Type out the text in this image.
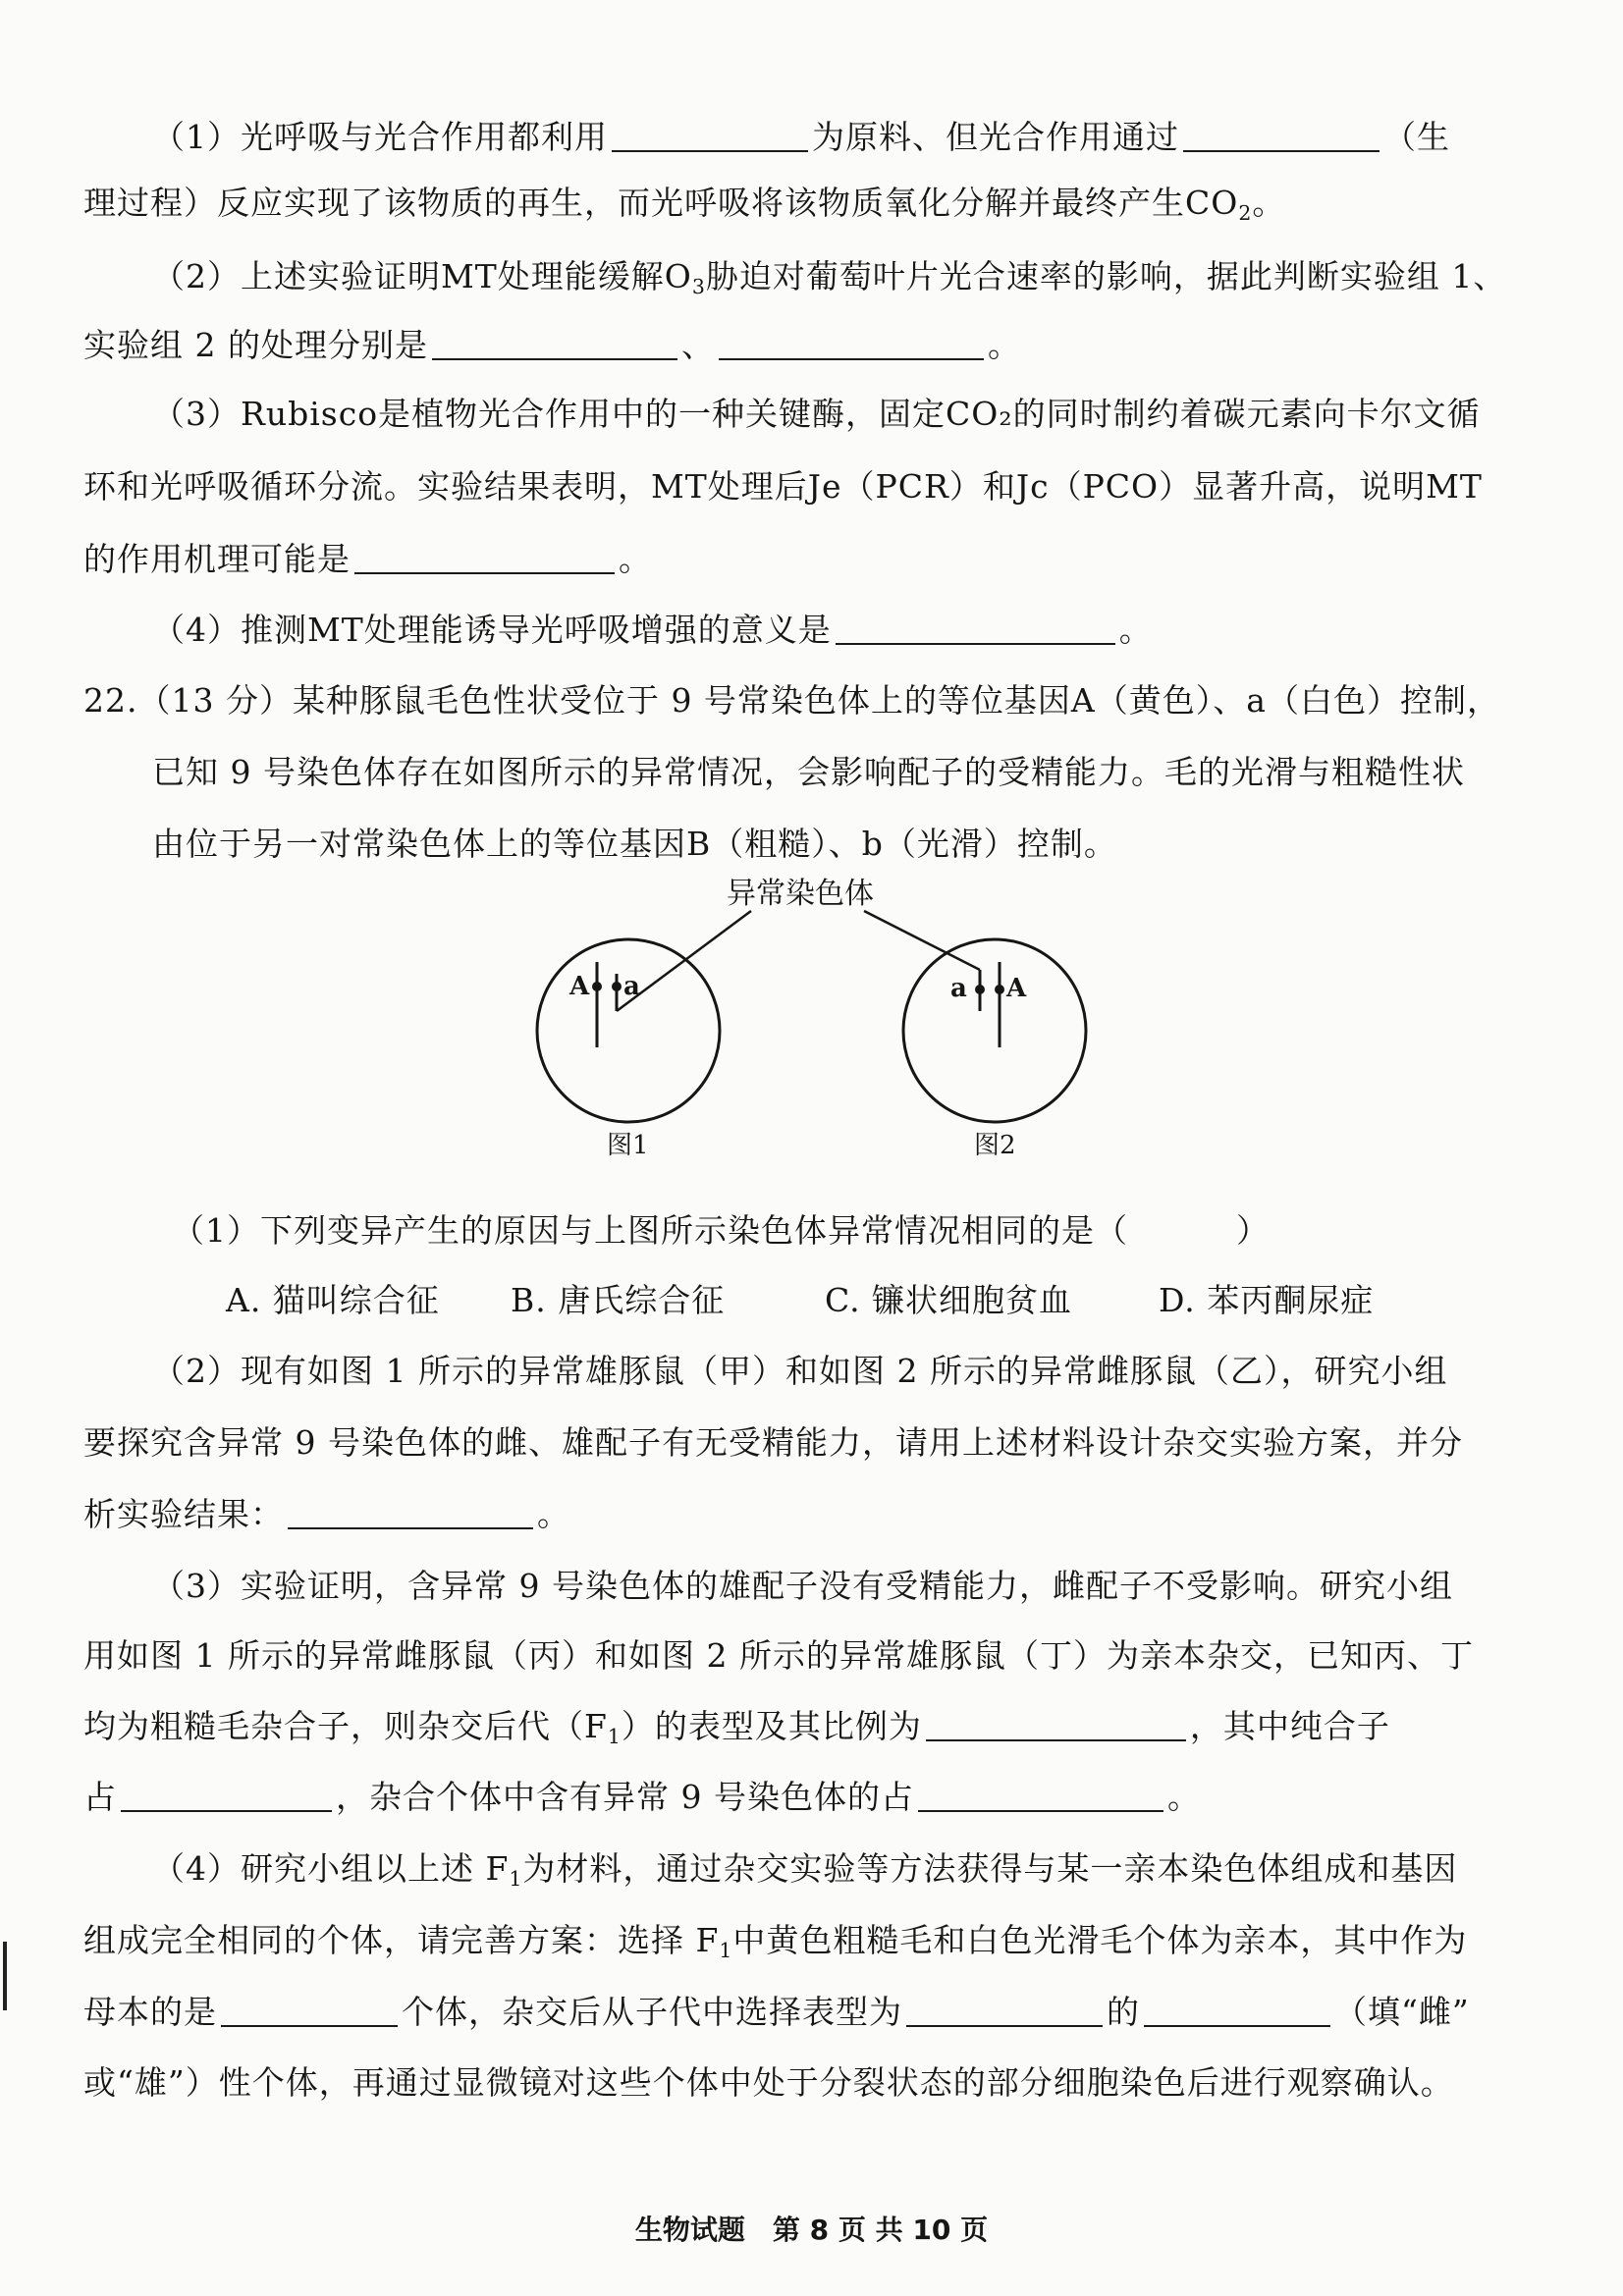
（1）光呼吸与光合作用都利用	为原料、但光合作用通过	（生
理过程）反应实现了该物质的再生，而光呼吸将该物质氧化分解并最终产生$CO_2$。
（2）上述实验证明MT处理能缓解$O_3$胁迫对葡萄叶片光合速率的影响，据此判断实验组 1、
实验组 2 的处理分别是	、	。
（3）Rubisco是植物光合作用中的一种关键酶，固定CO₂的同时制约着碳元素向卡尔文循
环和光呼吸循环分流。实验结果表明，MT处理后Je（PCR）和Jc（PCO）显著升高，说明MT
的作用机理可能是	。
（4）推测MT处理能诱导光呼吸增强的意义是	。
22.（13 分）某种豚鼠毛色性状受位于 9 号常染色体上的等位基因A（黄色）、a（白色）控制，
已知 9 号染色体存在如图所示的异常情况，会影响配子的受精能力。毛的光滑与粗糙性状
由位于另一对常染色体上的等位基因B（粗糙）、b（光滑）控制。
异常染色体
A a
图1
a A
图2
（1）下列变异产生的原因与上图所示染色体异常情况相同的是（	）
A. 猫叫综合征 B. 唐氏综合征	C. 镰状细胞贫血	D. 苯丙酮尿症
（2）现有如图 1 所示的异常雄豚鼠（甲）和如图 2 所示的异常雌豚鼠（乙），研究小组
要探究含异常 9 号染色体的雌、雄配子有无受精能力，请用上述材料设计杂交实验方案，并分
析实验结果：	。
（3）实验证明，含异常 9 号染色体的雄配子没有受精能力，雌配子不受影响。研究小组
用如图 1 所示的异常雌豚鼠（丙）和如图 2 所示的异常雄豚鼠（丁）为亲本杂交，已知丙、丁
均为粗糙毛杂合子，则杂交后代$(F_1)$的表型及其比例为	，其中纯合子
占	，杂合个体中含有异常 9 号染色体的占	。
（4）研究小组以上述 $F_1$为材料，通过杂交实验等方法获得与某一亲本染色体组成和基因
组成完全相同的个体，请完善方案：选择 $F_1$中黄色粗糙毛和白色光滑毛个体为亲本，其中作为
母本的是	个体，杂交后从子代中选择表型为	的	（填“雌”
或“雄”）性个体，再通过显微镜对这些个体中处于分裂状态的部分细胞染色后进行观察确认。
生物试题　第 8 页 共 10 页
